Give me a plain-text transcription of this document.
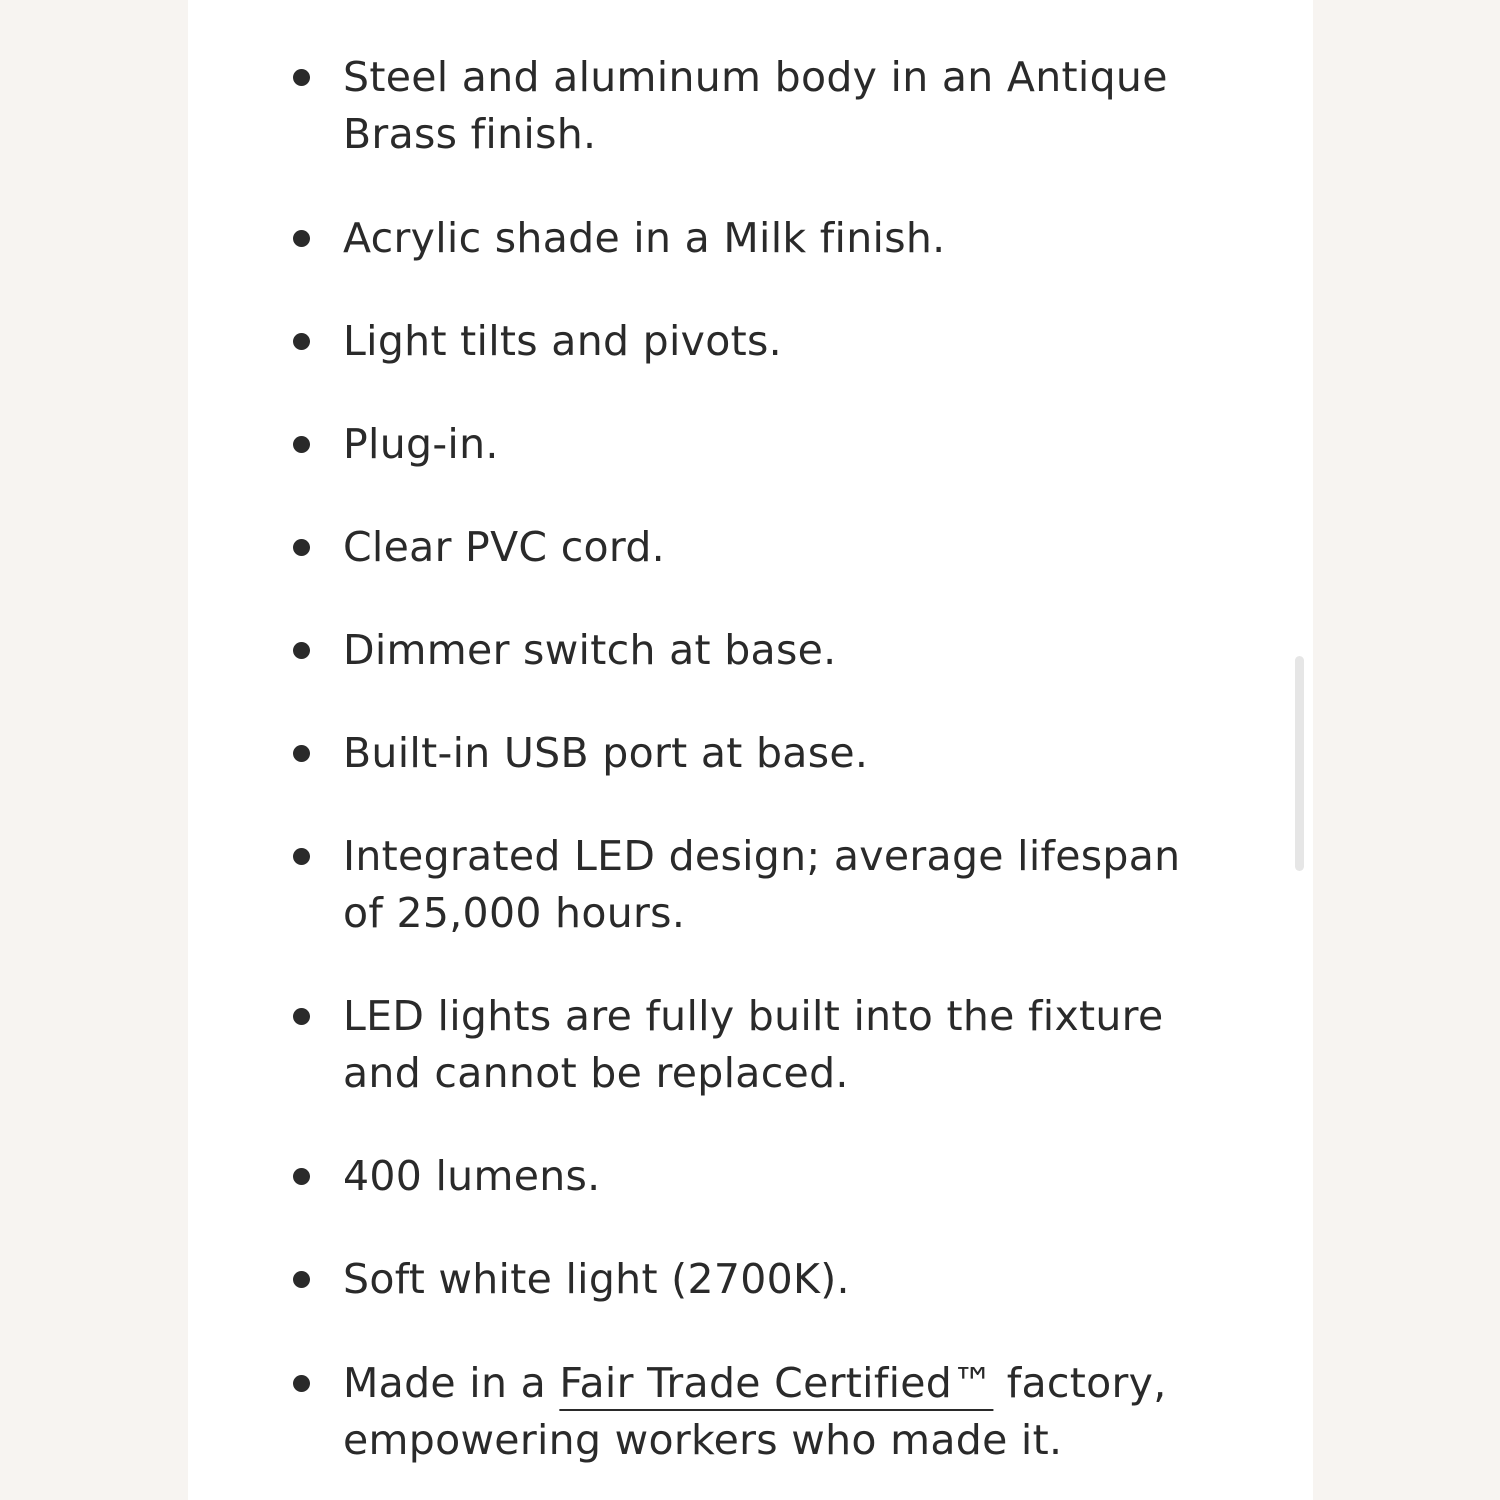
Steel and aluminum body in an Antique
Brass finish.
Acrylic shade in a Milk finish.
Light tilts and pivots.
Plug-in.
Clear PVC cord.
Dimmer switch at base.
Built-in USB port at base.
Integrated LED design; average lifespan
of 25,000 hours.
LED lights are fully built into the fixture
and cannot be replaced.
400 lumens.
Soft white light (2700K).
Made in a Fair Trade Certified™ factory,
empowering workers who made it.
